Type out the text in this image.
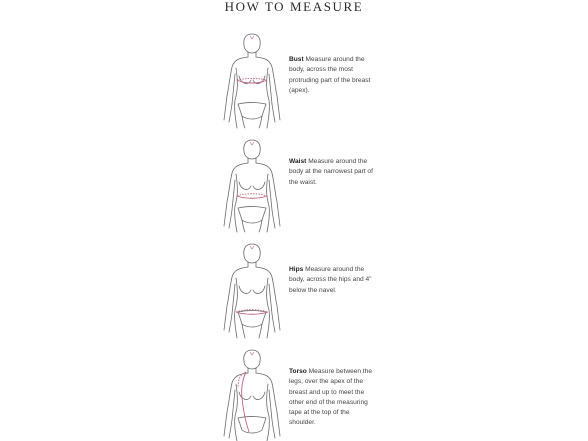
HOW TO MEASURE
Bust Measure around the body, across the most protruding part of the breast (apex).
Waist Measure around the body at the narrowest part of the waist.
Hips Measure around the body, across the hips and 4" below the navel.
Torso Measure between the legs, over the apex of the breast and up to meet the other end of the measuring tape at the top of the shoulder.
